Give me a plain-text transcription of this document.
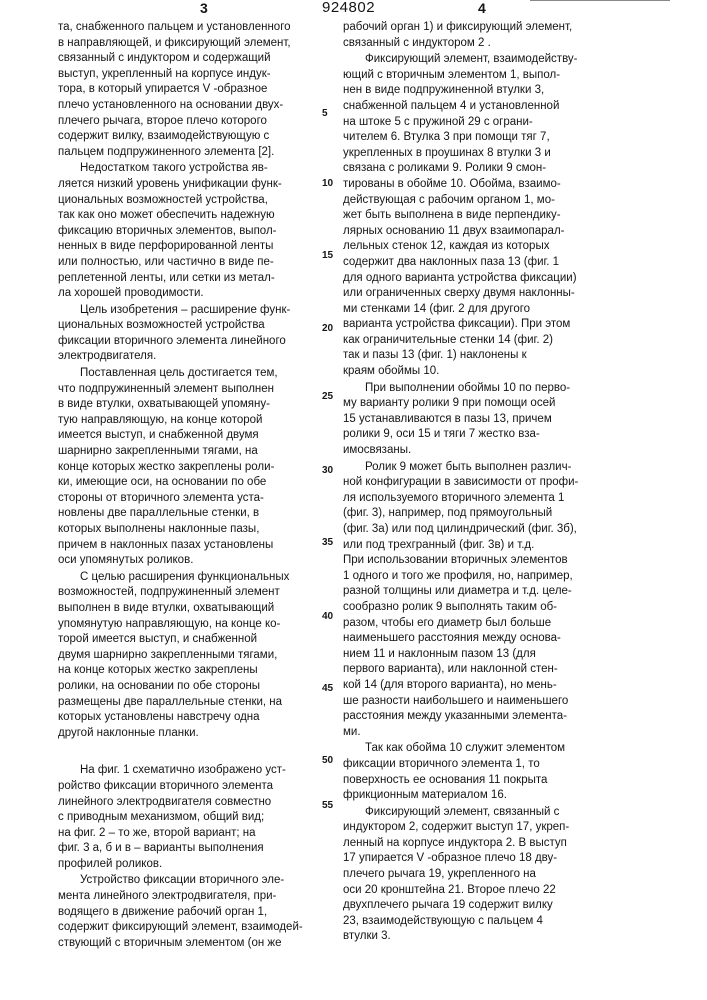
3	924802	4
та, снабженного пальцем и установленного
в направляющей, и фиксирующий элемент,
связанный с индуктором и содержащий
выступ, укрепленный на корпусе индук-
тора, в который упирается V -образное
плечо установленного на основании двух-
плечего рычага, второе плечо которого
содержит вилку, взаимодействующую с
пальцем подпружиненного элемента [2].
Недостатком такого устройства яв-
ляется низкий уровень унификации функ-
циональных возможностей устройства,
так как оно может обеспечить надежную
фиксацию вторичных элементов, выпол-
ненных в виде перфорированной ленты
или полностью, или частично в виде пе-
реплетенной ленты, или сетки из метал-
ла хорошей проводимости.
Цель изобретения – расширение функ-
циональных возможностей устройства
фиксации вторичного элемента линейного
электродвигателя.
Поставленная цель достигается тем,
что подпружиненный элемент выполнен
в виде втулки, охватывающей упомяну-
тую направляющую, на конце которой
имеется выступ, и снабженной двумя
шарнирно закрепленными тягами, на
конце которых жестко закреплены роли-
ки, имеющие оси, на основании по обе
стороны от вторичного элемента уста-
новлены две параллельные стенки, в
которых выполнены наклонные пазы,
причем в наклонных пазах установлены
оси упомянутых роликов.
С целью расширения функциональных
возможностей, подпружиненный элемент
выполнен в виде втулки, охватывающий
упомянутую направляющую, на конце ко-
торой имеется выступ, и снабженной
двумя шарнирно закрепленными тягами,
на конце которых жестко закреплены
ролики, на основании по обе стороны
размещены две параллельные стенки, на
которых установлены навстречу одна
другой наклонные планки.
На фиг. 1 схематично изображено уст-
ройство фиксации вторичного элемента
линейного электродвигателя совместно
с приводным механизмом, общий вид;
на фиг. 2 – то же, второй вариант; на
фиг. 3 а, б и в – варианты выполнения
профилей роликов.
Устройство фиксации вторичного эле-
мента линейного электродвигателя, при-
водящего в движение рабочий орган 1,
содержит фиксирующий элемент, взаимодей-
ствующий с вторичным элементом (он же
рабочий орган 1) и фиксирующий элемент,
связанный с индуктором 2 .
Фиксирующий элемент, взаимодейству-
ющий с вторичным элементом 1, выпол-
нен в виде подпружиненной втулки 3,
снабженной пальцем 4 и установленной
на штоке 5 с пружиной 29 с ограни-
чителем 6. Втулка 3 при помощи тяг 7,
укрепленных в проушинах 8 втулки 3 и
связана с роликами 9. Ролики 9 смон-
тированы в обойме 10. Обойма, взаимо-
действующая с рабочим органом 1, мо-
жет быть выполнена в виде перпендику-
лярных основанию 11 двух взаимопарал-
лельных стенок 12, каждая из которых
содержит два наклонных паза 13 (фиг. 1
для одного варианта устройства фиксации)
или ограниченных сверху двумя наклонны-
ми стенками 14 (фиг. 2 для другого
варианта устройства фиксации). При этом
как ограничительные стенки 14 (фиг. 2)
так и пазы 13 (фиг. 1) наклонены к
краям обоймы 10.
При выполнении обоймы 10 по перво-
му варианту ролики 9 при помощи осей
15 устанавливаются в пазы 13, причем
ролики 9, оси 15 и тяги 7 жестко вза-
имосвязаны.
Ролик 9 может быть выполнен различ-
ной конфигурации в зависимости от профи-
ля используемого вторичного элемента 1
(фиг. 3), например, под прямоугольный
(фиг. 3а) или под цилиндрический (фиг. 3б),
или под трехгранный (фиг. 3в) и т.д.
При использовании вторичных элементов
1 одного и того же профиля, но, например,
разной толщины или диаметра и т.д. целе-
сообразно ролик 9 выполнять таким об-
разом, чтобы его диаметр был больше
наименьшего расстояния между основа-
нием 11 и наклонным пазом 13 (для
первого варианта), или наклонной стен-
кой 14 (для второго варианта), но мень-
ше разности наибольшего и наименьшего
расстояния между указанными элемента-
ми.
Так как обойма 10 служит элементом
фиксации вторичного элемента 1, то
поверхность ее основания 11 покрыта
фрикционным материалом 16.
Фиксирующий элемент, связанный с
индуктором 2, содержит выступ 17, укреп-
ленный на корпусе индуктора 2. В выступ
17 упирается V -образное плечо 18 дву-
плечего рычага 19, укрепленного на
оси 20 кронштейна 21. Второе плечо 22
двухплечего рычага 19 содержит вилку
23, взаимодействующую с пальцем 4
втулки 3.
5
10
15
20
25
30
35
40
45
50
55
